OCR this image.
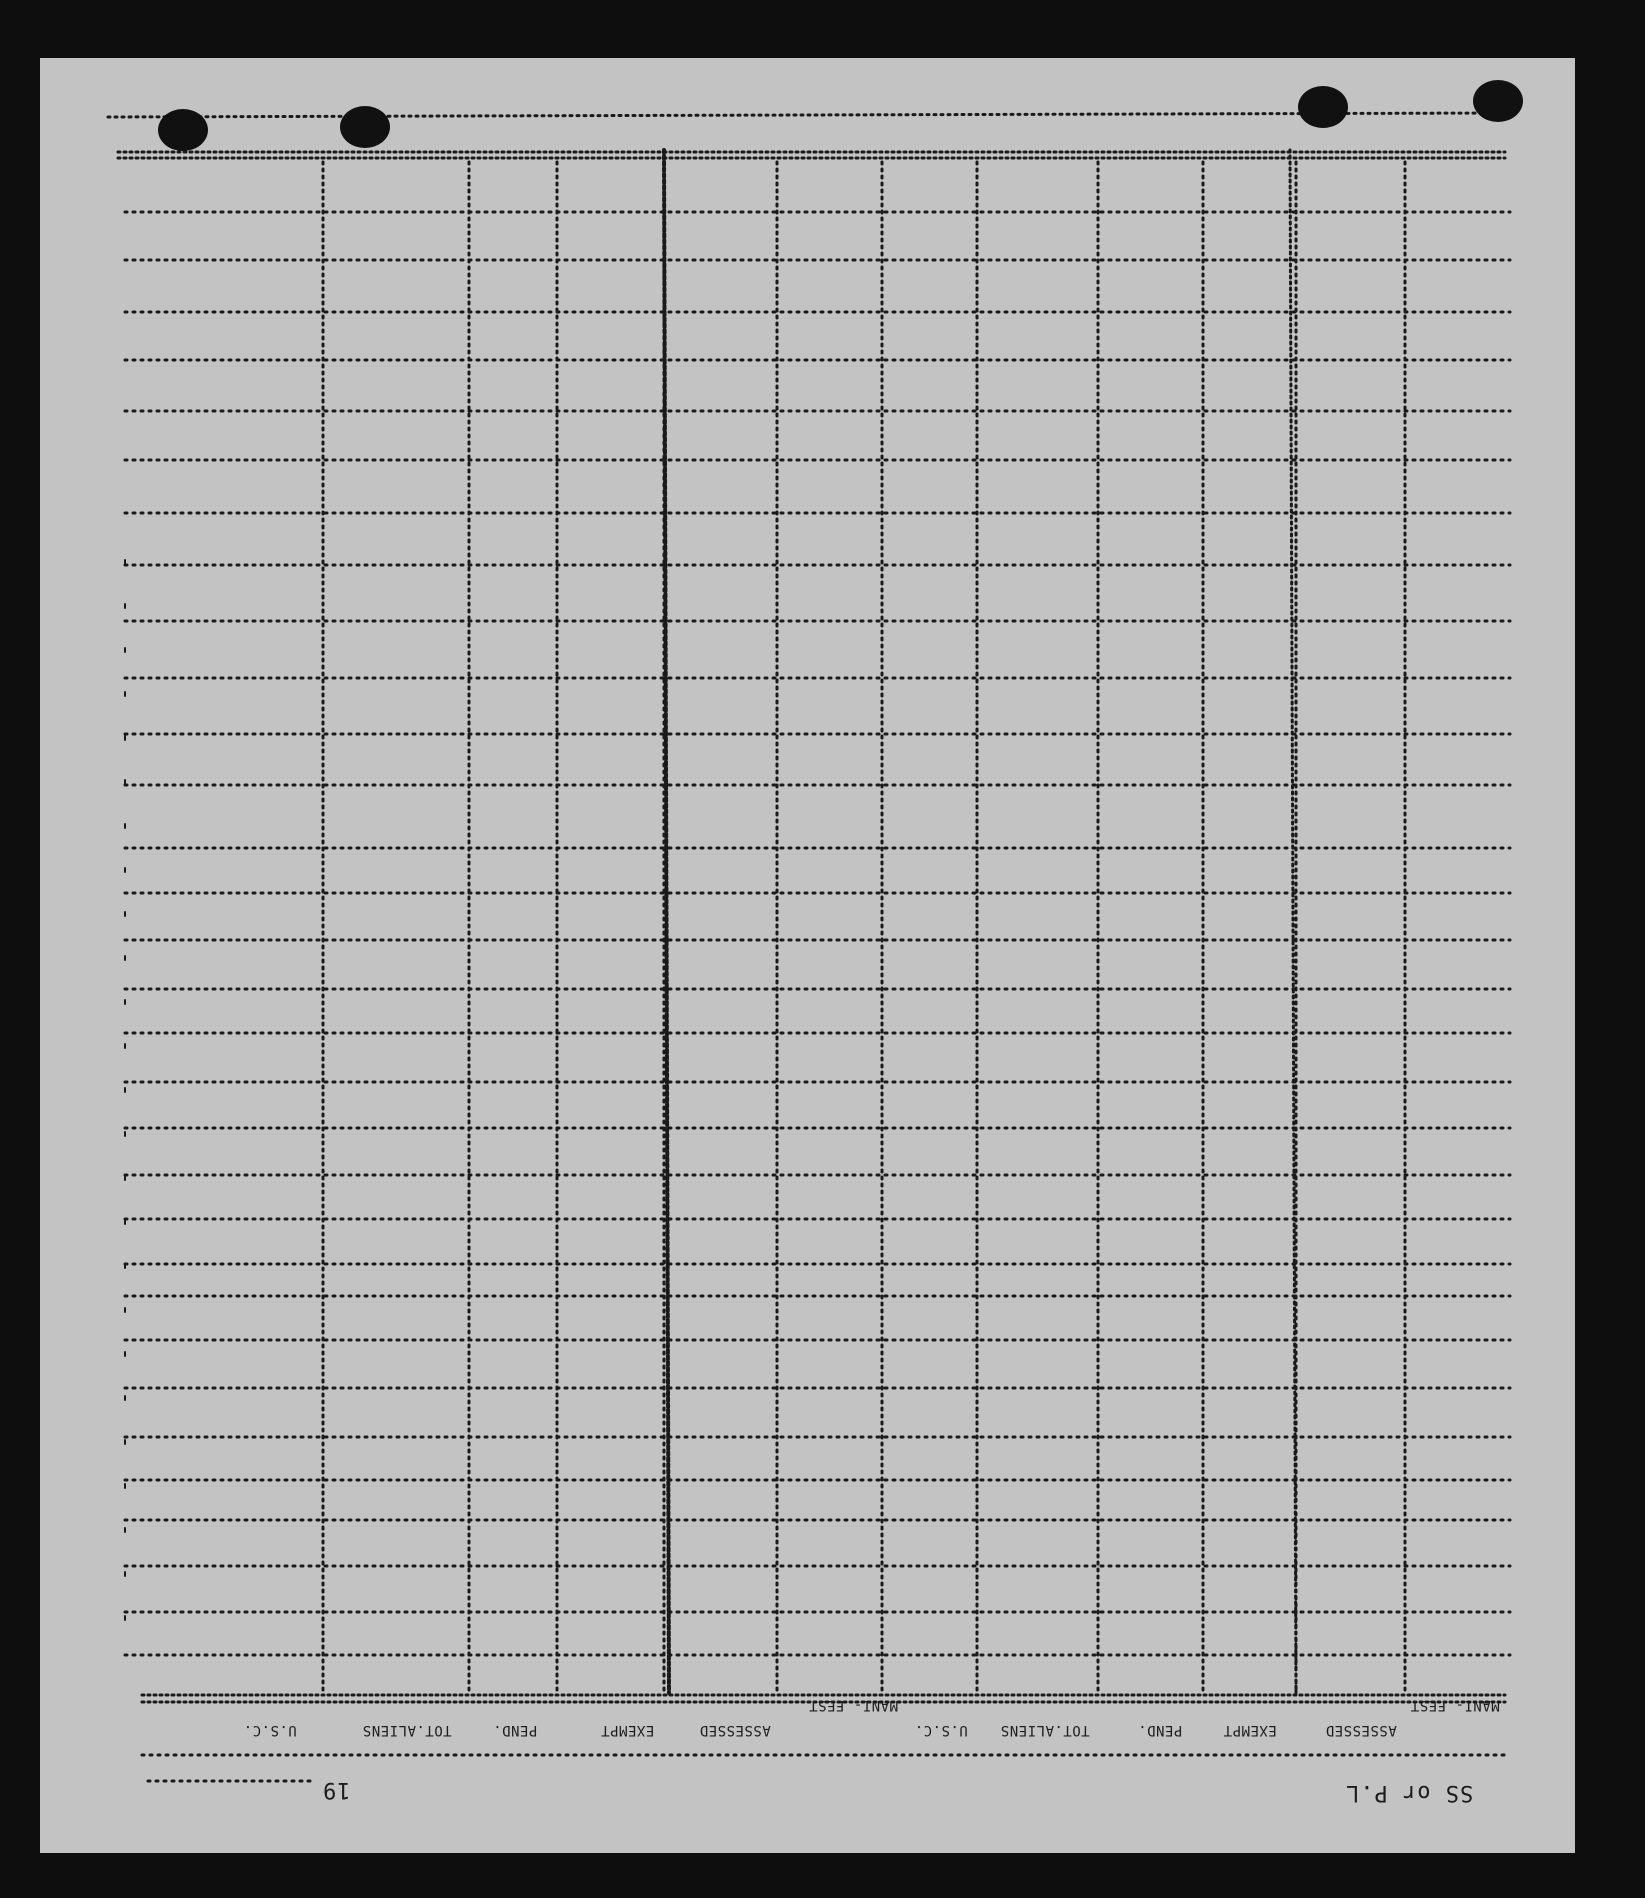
MANI- FEST
ASSESSED
EXEMPT
PEND.
TOT.ALIENS
U.S.C.
MANI- FEST
ASSESSED
EXEMPT
PEND.
TOT.ALIENS
U.S.C.
SS or P.L
19
